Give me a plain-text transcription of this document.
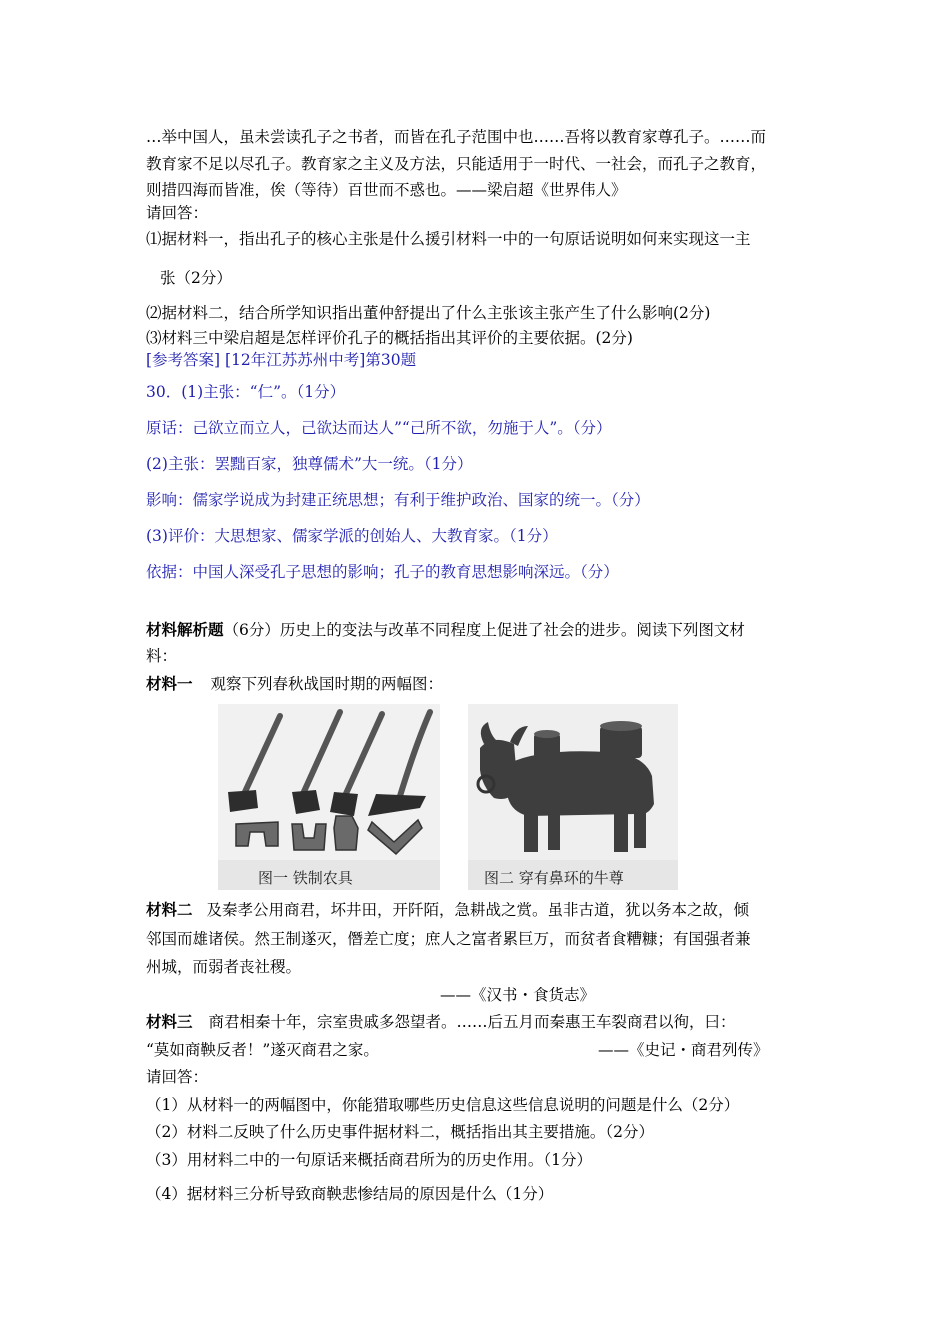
…举中国人，虽未尝读孔子之书者，而皆在孔子范围中也……吾将以教育家尊孔子。……而
教育家不足以尽孔子。教育家之主义及方法，只能适用于一时代、一社会，而孔子之教育，
则措四海而皆准，俟（等待）百世而不惑也。——梁启超《世界伟人》
请回答：
⑴据材料一，指出孔子的核心主张是什么援引材料一中的一句原话说明如何来实现这一主
张（2分）
⑵据材料二，结合所学知识指出董仲舒提出了什么主张该主张产生了什么影响(2分)
⑶材料三中梁启超是怎样评价孔子的概括指出其评价的主要依据。(2分)
[参考答案] [12年江苏苏州中考]第30题
30．(1)主张：“仁”。（1分）
原话：己欲立而立人，己欲达而达人”“己所不欲，勿施于人”。（分）
(2)主张：罢黜百家，独尊儒术”大一统。（1分）
影响：儒家学说成为封建正统思想；有利于维护政治、国家的统一。（分）
(3)评价：大思想家、儒家学派的创始人、大教育家。（1分）
依据：中国人深受孔子思想的影响；孔子的教育思想影响深远。（分）
材料解析题（6分）历史上的变法与改革不同程度上促进了社会的进步。阅读下列图文材
料：
材料一 观察下列春秋战国时期的两幅图：
图一 铁制农具	图二 穿有鼻环的牛尊
材料二 及秦孝公用商君，坏井田，开阡陌，急耕战之赏。虽非古道，犹以务本之故，倾
邻国而雄诸侯。然王制遂灭，僭差亡度；庶人之富者累巨万，而贫者食糟糠；有国强者兼
州城，而弱者丧社稷。
——《汉书・食货志》
材料三 商君相秦十年，宗室贵戚多怨望者。……后五月而秦惠王车裂商君以徇，曰：
“莫如商鞅反者！”遂灭商君之家。	——《史记・商君列传》
请回答：
（1）从材料一的两幅图中，你能猎取哪些历史信息这些信息说明的问题是什么（2分）
（2）材料二反映了什么历史事件据材料二，概括指出其主要措施。（2分）
（3）用材料二中的一句原话来概括商君所为的历史作用。（1分）
（4）据材料三分析导致商鞅悲惨结局的原因是什么（1分）
